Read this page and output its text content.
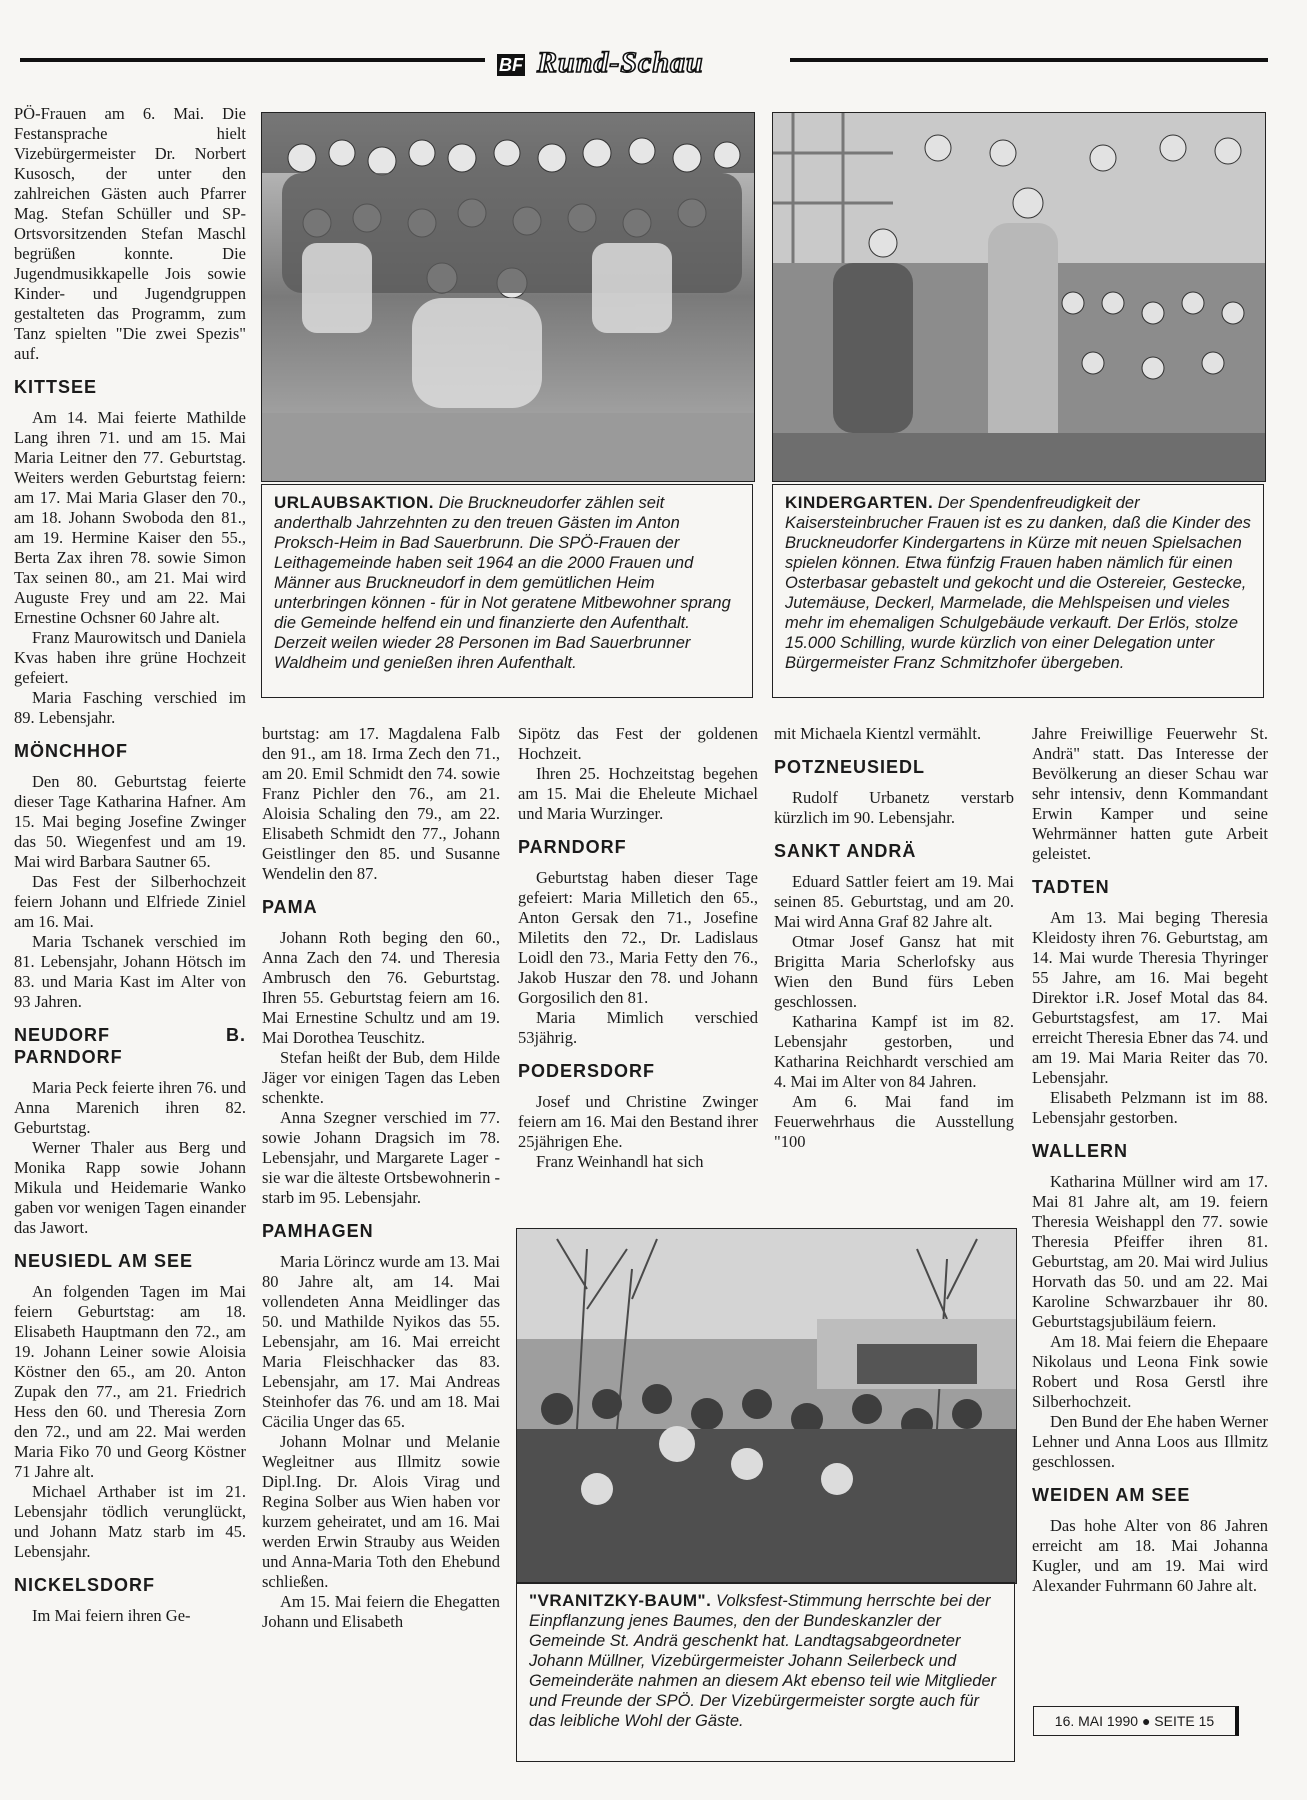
BF Rund-Schau
URLAUBSAKTION. Die Bruckneudorfer zählen seit anderthalb Jahrzehnten zu den treuen Gästen im Anton Proksch-Heim in Bad Sauerbrunn. Die SPÖ-Frauen der Leithagemeinde haben seit 1964 an die 2000 Frauen und Männer aus Bruckneudorf in dem gemütlichen Heim unterbringen können - für in Not geratene Mitbewohner sprang die Gemeinde helfend ein und finanzierte den Aufenthalt. Derzeit weilen wieder 28 Personen im Bad Sauerbrunner Waldheim und genießen ihren Aufenthalt.
KINDERGARTEN. Der Spendenfreudigkeit der Kaisersteinbrucher Frauen ist es zu danken, daß die Kinder des Bruckneudorfer Kindergartens in Kürze mit neuen Spielsachen spielen können. Etwa fünfzig Frauen haben nämlich für einen Osterbasar gebastelt und gekocht und die Ostereier, Gestecke, Jutemäuse, Deckerl, Marmelade, die Mehlspeisen und vieles mehr im ehemaligen Schulgebäude verkauft. Der Erlös, stolze 15.000 Schilling, wurde kürzlich von einer Delegation unter Bürgermeister Franz Schmitzhofer übergeben.
"VRANITZKY-BAUM". Volksfest-Stimmung herrschte bei der Einpflanzung jenes Baumes, den der Bundeskanzler der Gemeinde St. Andrä geschenkt hat. Landtagsabgeordneter Johann Müllner, Vizebürgermeister Johann Seilerbeck und Gemeinderäte nahmen an diesem Akt ebenso teil wie Mitglieder und Freunde der SPÖ. Der Vizebürgermeister sorgte auch für das leibliche Wohl der Gäste.

PÖ-Frauen am 6. Mai. Die Festansprache hielt Vizebürgermeister Dr. Norbert Kusosch, der unter den zahlreichen Gästen auch Pfarrer Mag. Stefan Schüller und SP-Ortsvorsitzenden Stefan Maschl begrüßen konnte. Die Jugendmusikkapelle Jois sowie Kinder- und Jugendgruppen gestalteten das Programm, zum Tanz spielten "Die zwei Spezis" auf.

KITTSEE

Am 14. Mai feierte Mathilde Lang ihren 71. und am 15. Mai Maria Leitner den 77. Geburtstag. Weiters werden Geburtstag feiern: am 17. Mai Maria Glaser den 70., am 18. Johann Swoboda den 81., am 19. Hermine Kaiser den 55., Berta Zax ihren 78. sowie Simon Tax seinen 80., am 21. Mai wird Auguste Frey und am 22. Mai Ernestine Ochsner 60 Jahre alt.

Franz Maurowitsch und Daniela Kvas haben ihre grüne Hochzeit gefeiert.

Maria Fasching verschied im 89. Lebensjahr.

MÖNCHHOF

Den 80. Geburtstag feierte dieser Tage Katharina Hafner. Am 15. Mai beging Josefine Zwinger das 50. Wiegenfest und am 19. Mai wird Barbara Sautner 65.

Das Fest der Silberhochzeit feiern Johann und Elfriede Ziniel am 16. Mai.

Maria Tschanek verschied im 81. Lebensjahr, Johann Hötsch im 83. und Maria Kast im Alter von 93 Jahren.

NEUDORF B. PARNDORF

Maria Peck feierte ihren 76. und Anna Marenich ihren 82. Geburtstag.

Werner Thaler aus Berg und Monika Rapp sowie Johann Mikula und Heidemarie Wanko gaben vor wenigen Tagen einander das Jawort.

NEUSIEDL AM SEE

An folgenden Tagen im Mai feiern Geburtstag: am 18. Elisabeth Hauptmann den 72., am 19. Johann Leiner sowie Aloisia Köstner den 65., am 20. Anton Zupak den 77., am 21. Friedrich Hess den 60. und Theresia Zorn den 72., und am 22. Mai werden Maria Fiko 70 und Georg Köstner 71 Jahre alt.

Michael Arthaber ist im 21. Lebensjahr tödlich verunglückt, und Johann Matz starb im 45. Lebensjahr.

NICKELSDORF

Im Mai feiern ihren Ge-

burtstag: am 17. Magdalena Falb den 91., am 18. Irma Zech den 71., am 20. Emil Schmidt den 74. sowie Franz Pichler den 76., am 21. Aloisia Schaling den 79., am 22. Elisabeth Schmidt den 77., Johann Geistlinger den 85. und Susanne Wendelin den 87.

PAMA

Johann Roth beging den 60., Anna Zach den 74. und Theresia Ambrusch den 76. Geburtstag. Ihren 55. Geburtstag feiern am 16. Mai Ernestine Schultz und am 19. Mai Dorothea Teuschitz.

Stefan heißt der Bub, dem Hilde Jäger vor einigen Tagen das Leben schenkte.

Anna Szegner verschied im 77. sowie Johann Dragsich im 78. Lebensjahr, und Margarete Lager - sie war die älteste Ortsbewohnerin - starb im 95. Lebensjahr.

PAMHAGEN

Maria Lörincz wurde am 13. Mai 80 Jahre alt, am 14. Mai vollendeten Anna Meidlinger das 50. und Mathilde Nyikos das 55. Lebensjahr, am 16. Mai erreicht Maria Fleischhacker das 83. Lebensjahr, am 17. Mai Andreas Steinhofer das 76. und am 18. Mai Cäcilia Unger das 65.

Johann Molnar und Melanie Wegleitner aus Illmitz sowie Dipl.Ing. Dr. Alois Virag und Regina Solber aus Wien haben vor kurzem geheiratet, und am 16. Mai werden Erwin Strauby aus Weiden und Anna-Maria Toth den Ehebund schließen.

Am 15. Mai feiern die Ehegatten Johann und Elisabeth

Sipötz das Fest der goldenen Hochzeit.

Ihren 25. Hochzeitstag begehen am 15. Mai die Eheleute Michael und Maria Wurzinger.

PARNDORF

Geburtstag haben dieser Tage gefeiert: Maria Milletich den 65., Anton Gersak den 71., Josefine Miletits den 72., Dr. Ladislaus Loidl den 73., Maria Fetty den 76., Jakob Huszar den 78. und Johann Gorgosilich den 81.

Maria Mimlich verschied 53jährig.

PODERSDORF

Josef und Christine Zwinger feiern am 16. Mai den Bestand ihrer 25jährigen Ehe.

Franz Weinhandl hat sich

mit Michaela Kientzl vermählt.

POTZNEUSIEDL

Rudolf Urbanetz verstarb kürzlich im 90. Lebensjahr.

SANKT ANDRÄ

Eduard Sattler feiert am 19. Mai seinen 85. Geburtstag, und am 20. Mai wird Anna Graf 82 Jahre alt.

Otmar Josef Gansz hat mit Brigitta Maria Scherlofsky aus Wien den Bund fürs Leben geschlossen.

Katharina Kampf ist im 82. Lebensjahr gestorben, und Katharina Reichhardt verschied am 4. Mai im Alter von 84 Jahren.

Am 6. Mai fand im Feuerwehrhaus die Ausstellung "100

Jahre Freiwillige Feuerwehr St. Andrä" statt. Das Interesse der Bevölkerung an dieser Schau war sehr intensiv, denn Kommandant Erwin Kamper und seine Wehrmänner hatten gute Arbeit geleistet.

TADTEN

Am 13. Mai beging Theresia Kleidosty ihren 76. Geburtstag, am 14. Mai wurde Theresia Thyringer 55 Jahre, am 16. Mai begeht Direktor i.R. Josef Motal das 84. Geburtstagsfest, am 17. Mai erreicht Theresia Ebner das 74. und am 19. Mai Maria Reiter das 70. Lebensjahr.

Elisabeth Pelzmann ist im 88. Lebensjahr gestorben.

WALLERN

Katharina Müllner wird am 17. Mai 81 Jahre alt, am 19. feiern Theresia Weishappl den 77. sowie Theresia Pfeiffer ihren 81. Geburtstag, am 20. Mai wird Julius Horvath das 50. und am 22. Mai Karoline Schwarzbauer ihr 80. Geburtstagsjubiläum feiern.

Am 18. Mai feiern die Ehepaare Nikolaus und Leona Fink sowie Robert und Rosa Gerstl ihre Silberhochzeit.

Den Bund der Ehe haben Werner Lehner und Anna Loos aus Illmitz geschlossen.

WEIDEN AM SEE

Das hohe Alter von 86 Jahren erreicht am 18. Mai Johanna Kugler, und am 19. Mai wird Alexander Fuhrmann 60 Jahre alt.

16. MAI 1990 ● SEITE 15
